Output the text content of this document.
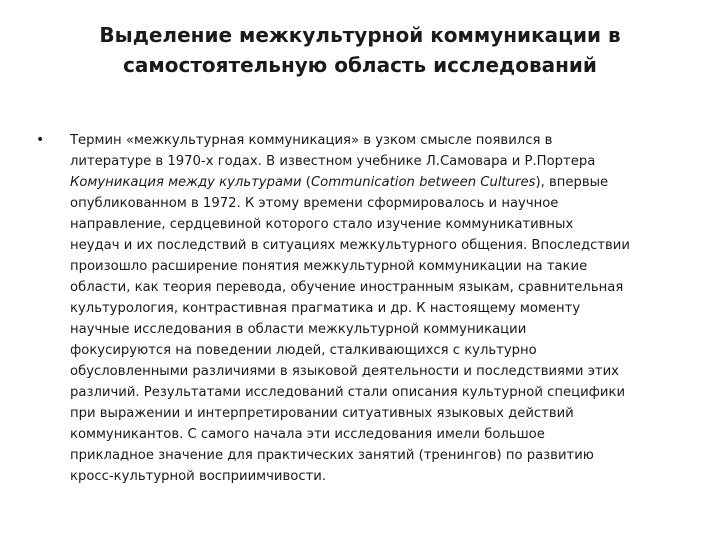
Выделение межкультурной коммуникации в
самостоятельную область исследований
• Термин «межкультурная коммуникация» в узком смысле появился в
литературе в 1970-х годах. В известном учебнике Л.Самовара и Р.Портера
Комуникация между культурами (Communication between Cultures), впервые
опубликованном в 1972. К этому времени сформировалось и научное
направление, сердцевиной которого стало изучение коммуникативных
неудач и их последствий в ситуациях межкультурного общения. Впоследствии
произошло расширение понятия межкультурной коммуникации на такие
области, как теория перевода, обучение иностранным языкам, сравнительная
культурология, контрастивная прагматика и др. К настоящему моменту
научные исследования в области межкультурной коммуникации
фокусируются на поведении людей, сталкивающихся с культурно
обусловленными различиями в языковой деятельности и последствиями этих
различий. Результатами исследований стали описания культурной специфики
при выражении и интерпретировании ситуативных языковых действий
коммуникантов. С самого начала эти исследования имели большое
прикладное значение для практических занятий (тренингов) по развитию
кросс-культурной восприимчивости.
